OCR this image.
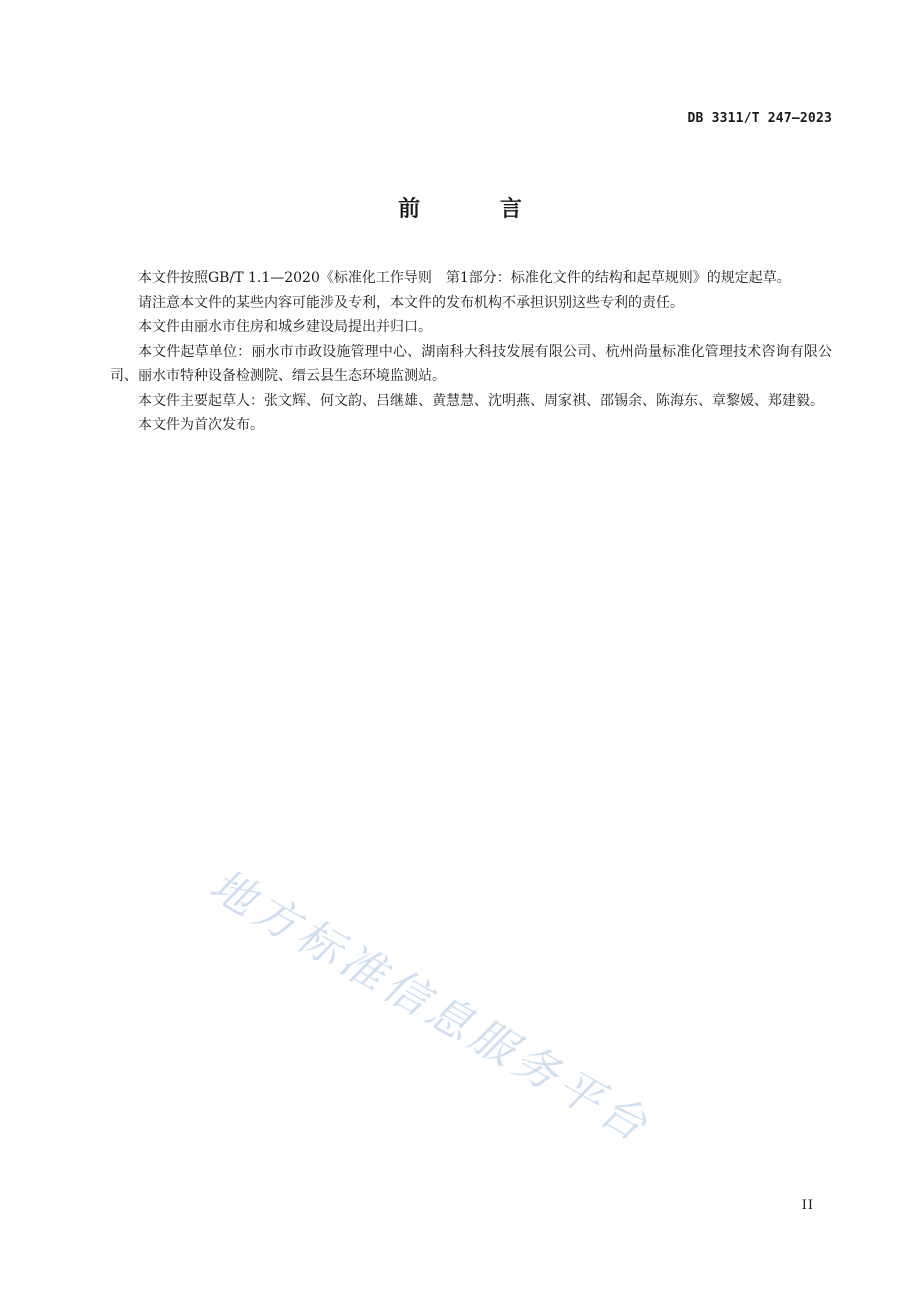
DB 3311/T 247—2023
前 言

本文件按照GB/T 1.1—2020《标准化工作导则　第1部分：标准化文件的结构和起草规则》的规定起草。

请注意本文件的某些内容可能涉及专利，本文件的发布机构不承担识别这些专利的责任。

本文件由丽水市住房和城乡建设局提出并归口。

本文件起草单位：丽水市市政设施管理中心、湖南科大科技发展有限公司、杭州尚量标准化管理技术咨询有限公司、丽水市特种设备检测院、缙云县生态环境监测站。

本文件主要起草人：张文辉、何文韵、吕继雄、黄慧慧、沈明燕、周家祺、邵锡余、陈海东、章黎媛、郑建毅。

本文件为首次发布。

地方标准信息服务平台
II
